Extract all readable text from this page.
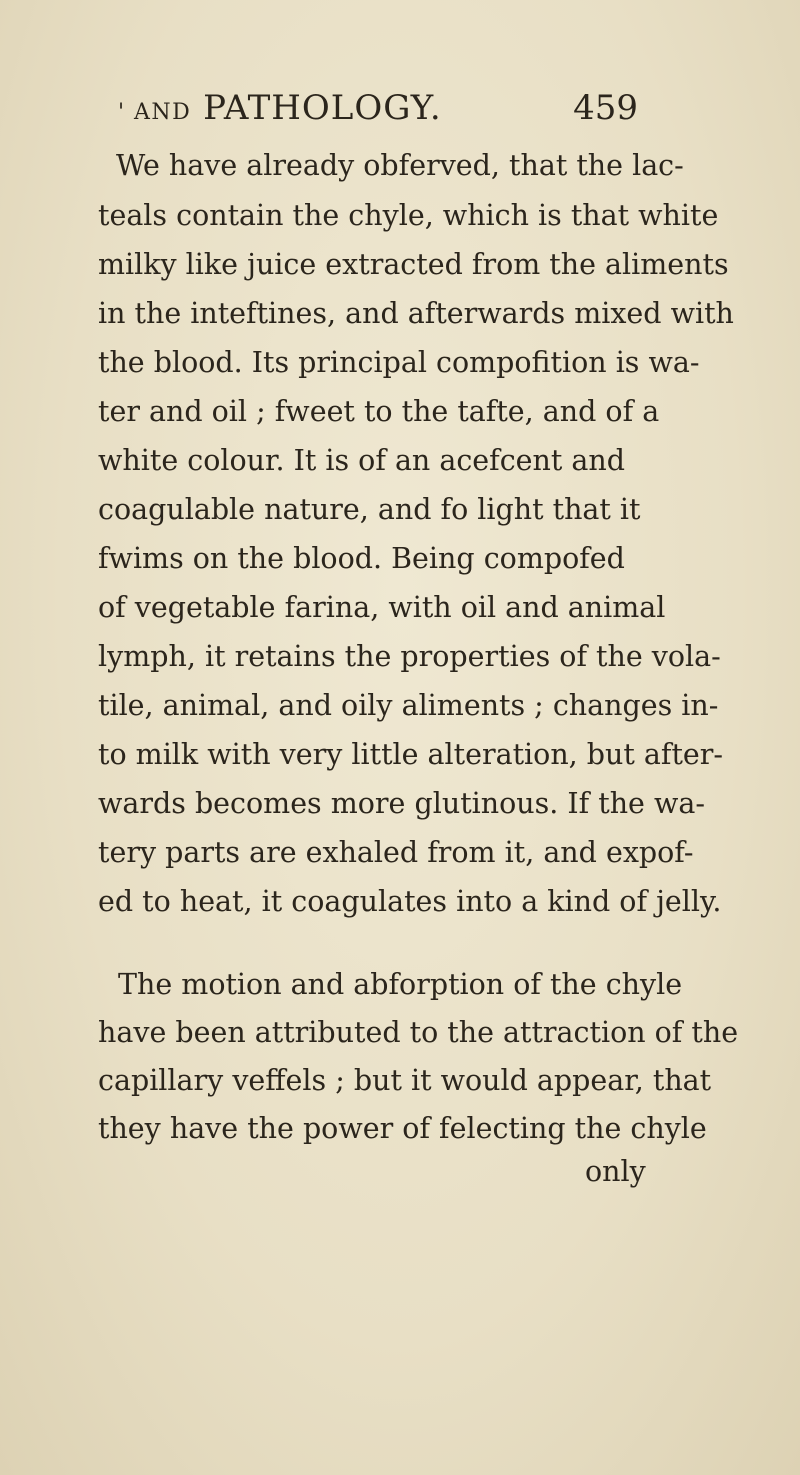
' AND PATHOLOGY.	459
We have already obferved, that the lac-
teals contain the chyle, which is that white
milky like juice extracted from the aliments
in the inteftines, and afterwards mixed with
the blood. Its principal compofition is wa-
ter and oil ; fweet to the tafte, and of a
white colour. It is of an acefcent and
coagulable nature, and fo light that it
fwims on the blood. Being compofed
of vegetable farina, with oil and animal
lymph, it retains the properties of the vola-
tile, animal, and oily aliments ; changes in-
to milk with very little alteration, but after-
wards becomes more glutinous. If the wa-
tery parts are exhaled from it, and expof-
ed to heat, it coagulates into a kind of jelly.
The motion and abforption of the chyle
have been attributed to the attraction of the
capillary veffels ; but it would appear, that
they have the power of felecting the chyle
only
